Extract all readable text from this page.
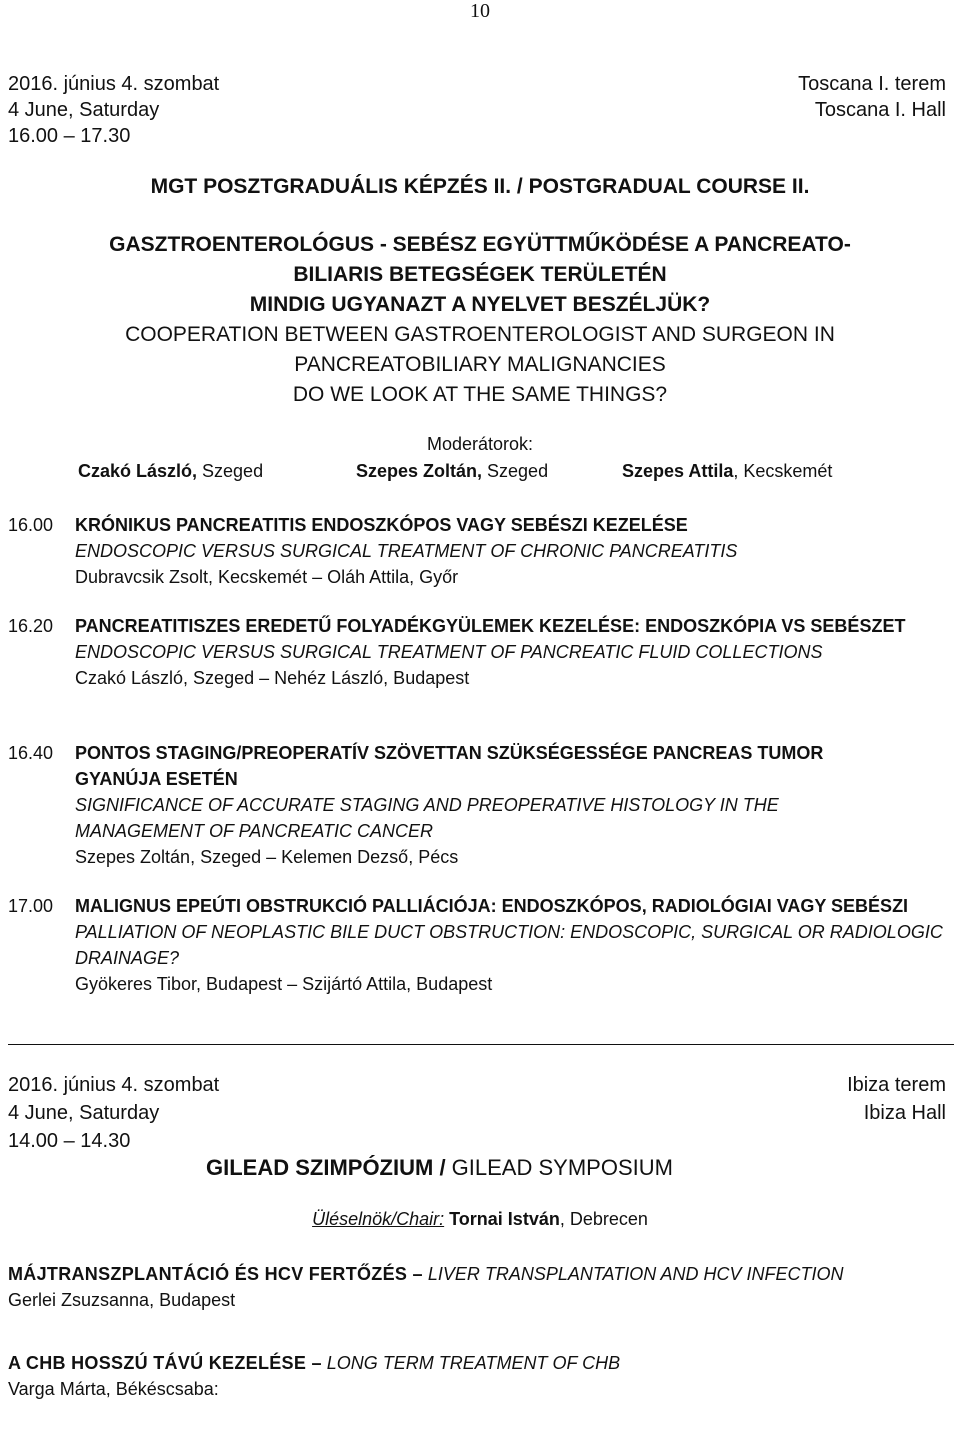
10
2016. június 4. szombat
4 June, Saturday
16.00 – 17.30
Toscana I. terem
Toscana I. Hall
MGT POSZTGRADUÁLIS KÉPZÉS II. / POSTGRADUAL COURSE II.
GASZTROENTEROLÓGUS - SEBÉSZ EGYÜTTMŰKÖDÉSE A PANCREATO-
BILIARIS BETEGSÉGEK TERÜLETÉN
MINDIG UGYANAZT A NYELVET BESZÉLJÜK?
COOPERATION BETWEEN GASTROENTEROLOGIST AND SURGEON IN
PANCREATOBILIARY MALIGNANCIES
DO WE LOOK AT THE SAME THINGS?
Moderátorok:
Czakó László, Szeged	Szepes Zoltán, Szeged	Szepes Attila, Kecskemét
16.00 KRÓNIKUS PANCREATITIS ENDOSZKÓPOS VAGY SEBÉSZI KEZELÉSE
ENDOSCOPIC VERSUS SURGICAL TREATMENT OF CHRONIC PANCREATITIS
Dubravcsik Zsolt, Kecskemét – Oláh Attila, Győr
16.20 PANCREATITISZES EREDETŰ FOLYADÉKGYÜLEMEK KEZELÉSE: ENDOSZKÓPIA VS SEBÉSZET
ENDOSCOPIC VERSUS SURGICAL TREATMENT OF PANCREATIC FLUID COLLECTIONS
Czakó László, Szeged – Nehéz László, Budapest
16.40 PONTOS STAGING/PREOPERATÍV SZÖVETTAN SZÜKSÉGESSÉGE PANCREAS TUMOR GYANÚJA ESETÉN
SIGNIFICANCE OF ACCURATE STAGING AND PREOPERATIVE HISTOLOGY IN THE MANAGEMENT OF PANCREATIC CANCER
Szepes Zoltán, Szeged – Kelemen Dezső, Pécs
17.00 MALIGNUS EPEÚTI OBSTRUKCIÓ PALLIÁCIÓJA: ENDOSZKÓPOS, RADIOLÓGIAI VAGY SEBÉSZI
PALLIATION OF NEOPLASTIC BILE DUCT OBSTRUCTION: ENDOSCOPIC, SURGICAL OR RADIOLOGIC DRAINAGE?
Gyökeres Tibor, Budapest – Szijártó Attila, Budapest
2016. június 4. szombat
4 June, Saturday
14.00 – 14.30
Ibiza terem
Ibiza Hall
GILEAD SZIMPÓZIUM / GILEAD SYMPOSIUM
Üléselnök/Chair: Tornai István, Debrecen
MÁJTRANSZPLANTÁCIÓ ÉS HCV FERTŐZÉS – LIVER TRANSPLANTATION AND HCV INFECTION
Gerlei Zsuzsanna, Budapest
A CHB HOSSZÚ TÁVÚ KEZELÉSE – LONG TERM TREATMENT OF CHB
Varga Márta, Békéscsaba:
